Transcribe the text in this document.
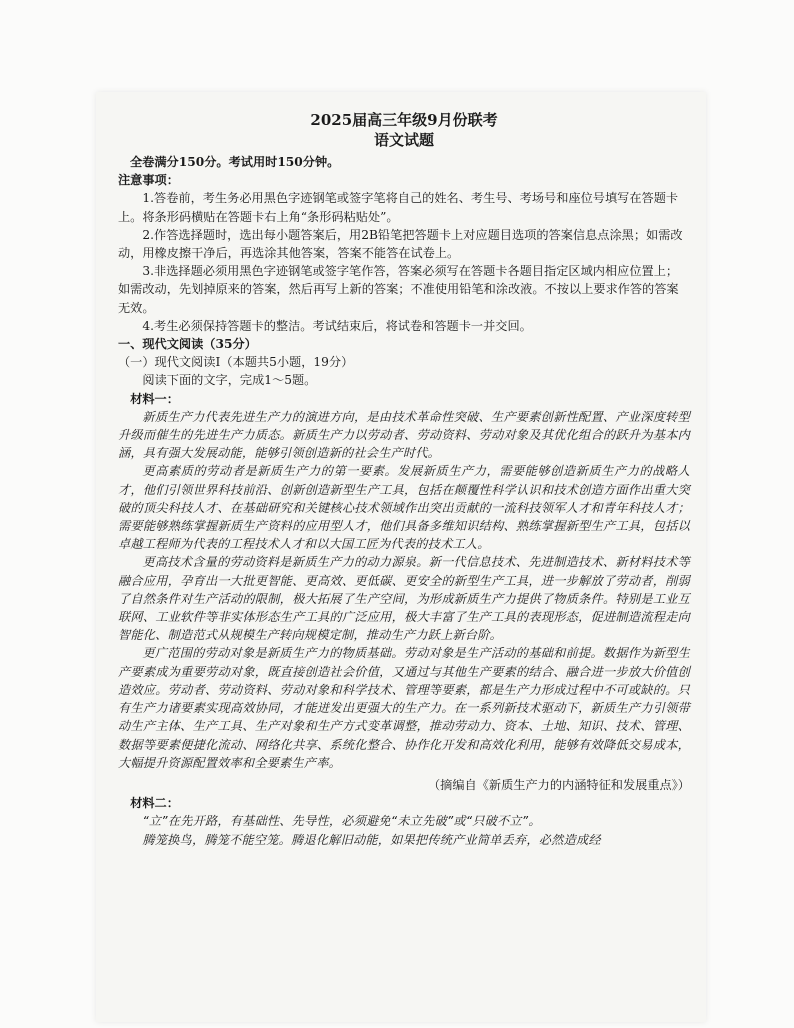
2025届高三年级9月份联考

语文试题

全卷满分150分。考试用时150分钟。

注意事项：

1.答卷前，考生务必用黑色字迹钢笔或签字笔将自己的姓名、考生号、考场号和座位号填写在答题卡上。将条形码横贴在答题卡右上角“条形码粘贴处”。

2.作答选择题时，选出每小题答案后，用2B铅笔把答题卡上对应题目选项的答案信息点涂黑；如需改动，用橡皮擦干净后，再选涂其他答案，答案不能答在试卷上。

3.非选择题必须用黑色字迹钢笔或签字笔作答，答案必须写在答题卡各题目指定区域内相应位置上；如需改动，先划掉原来的答案，然后再写上新的答案；不准使用铅笔和涂改液。不按以上要求作答的答案无效。

4.考生必须保持答题卡的整洁。考试结束后，将试卷和答题卡一并交回。

一、现代文阅读（35分）

（一）现代文阅读Ⅰ（本题共5小题，19分）

阅读下面的文字，完成1～5题。

材料一：

新质生产力代表先进生产力的演进方向，是由技术革命性突破、生产要素创新性配置、产业深度转型升级而催生的先进生产力质态。新质生产力以劳动者、劳动资料、劳动对象及其优化组合的跃升为基本内涵，具有强大发展动能，能够引领创造新的社会生产时代。

更高素质的劳动者是新质生产力的第一要素。发展新质生产力，需要能够创造新质生产力的战略人才，他们引领世界科技前沿、创新创造新型生产工具，包括在颠覆性科学认识和技术创造方面作出重大突破的顶尖科技人才、在基础研究和关键核心技术领域作出突出贡献的一流科技领军人才和青年科技人才；需要能够熟练掌握新质生产资料的应用型人才，他们具备多维知识结构、熟练掌握新型生产工具，包括以卓越工程师为代表的工程技术人才和以大国工匠为代表的技术工人。

更高技术含量的劳动资料是新质生产力的动力源泉。新一代信息技术、先进制造技术、新材料技术等融合应用，孕育出一大批更智能、更高效、更低碳、更安全的新型生产工具，进一步解放了劳动者，削弱了自然条件对生产活动的限制，极大拓展了生产空间，为形成新质生产力提供了物质条件。特别是工业互联网、工业软件等非实体形态生产工具的广泛应用，极大丰富了生产工具的表现形态，促进制造流程走向智能化、制造范式从规模生产转向规模定制，推动生产力跃上新台阶。

更广范围的劳动对象是新质生产力的物质基础。劳动对象是生产活动的基础和前提。数据作为新型生产要素成为重要劳动对象，既直接创造社会价值，又通过与其他生产要素的结合、融合进一步放大价值创造效应。劳动者、劳动资料、劳动对象和科学技术、管理等要素，都是生产力形成过程中不可或缺的。只有生产力诸要素实现高效协同，才能迸发出更强大的生产力。在一系列新技术驱动下，新质生产力引领带动生产主体、生产工具、生产对象和生产方式变革调整，推动劳动力、资本、土地、知识、技术、管理、数据等要素便捷化流动、网络化共享、系统化整合、协作化开发和高效化利用，能够有效降低交易成本，大幅提升资源配置效率和全要素生产率。

（摘编自《新质生产力的内涵特征和发展重点》）

材料二：

“立”在先开路，有基础性、先导性，必须避免“未立先破”或“只破不立”。

腾笼换鸟，腾笼不能空笼。腾退化解旧动能，如果把传统产业简单丢弃，必然造成经
